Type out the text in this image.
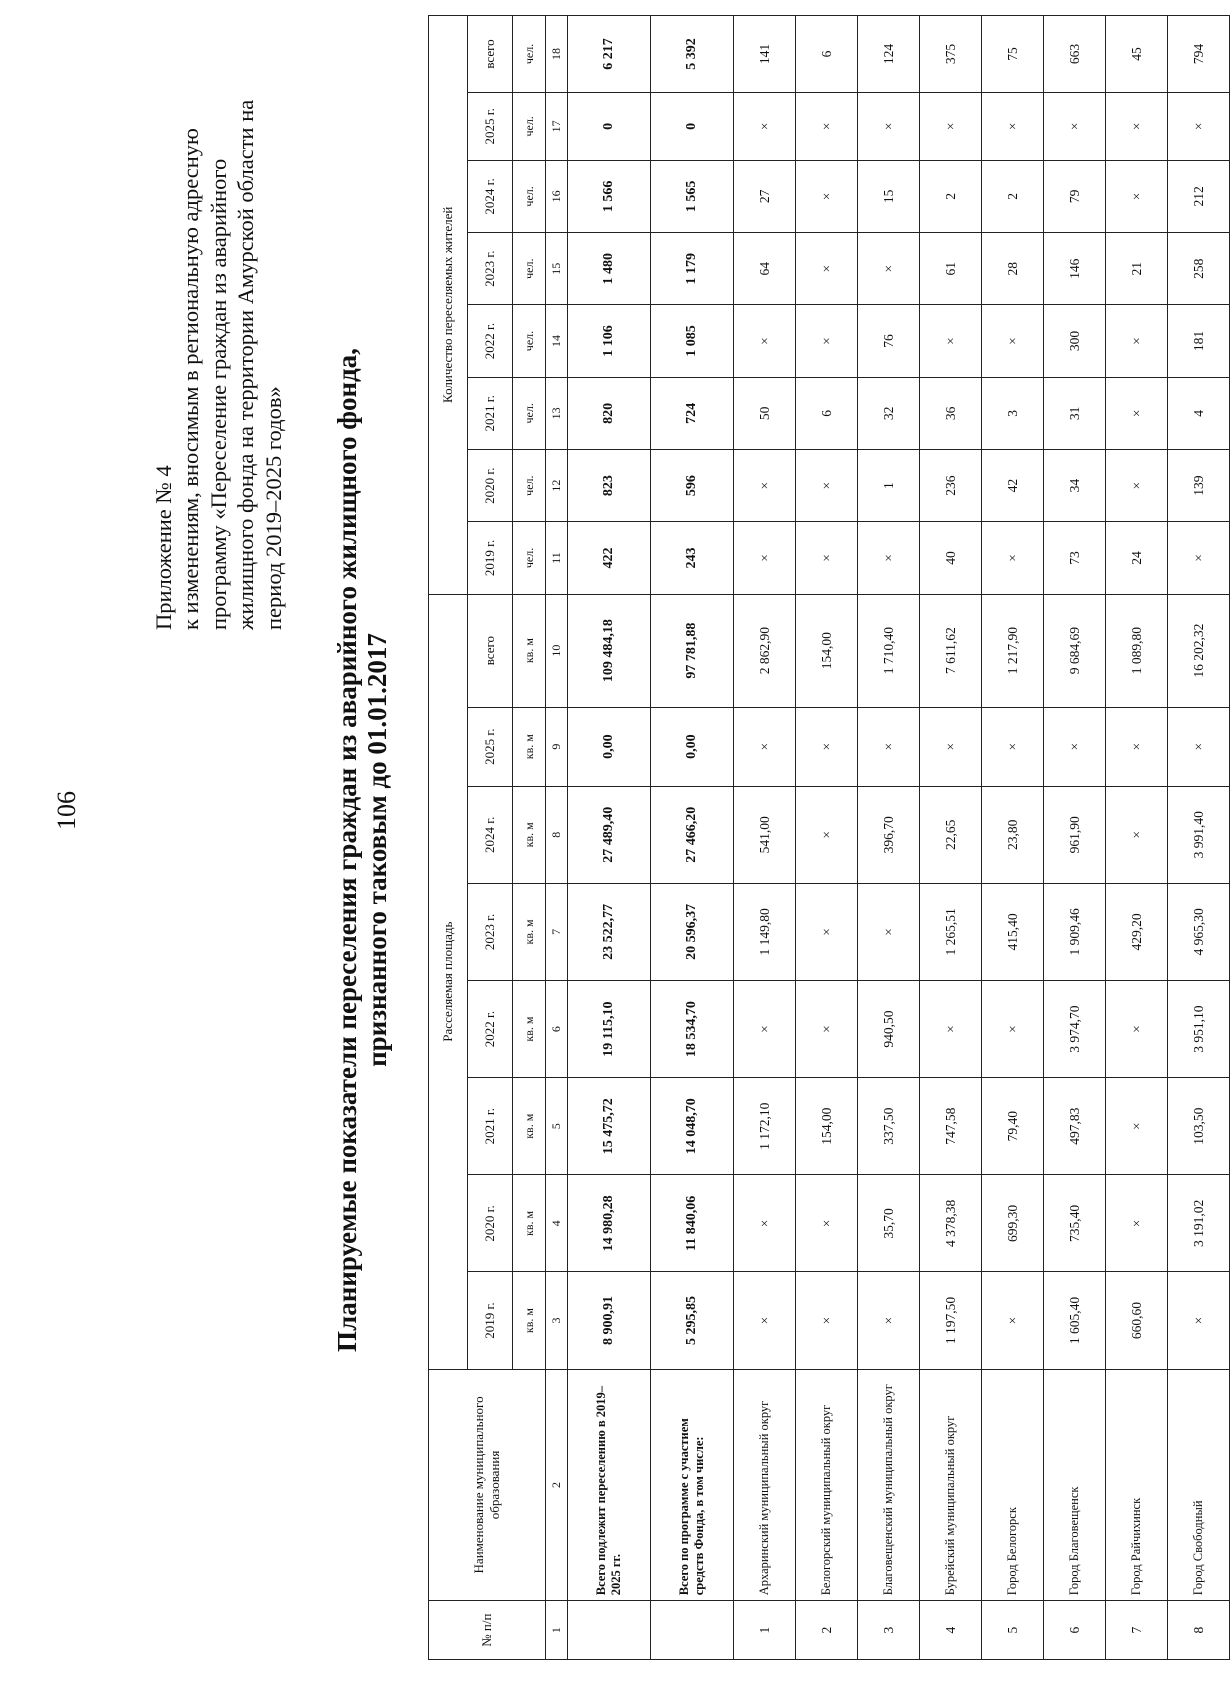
106
Приложение № 4 к изменениям, вносимым в региональную адресную программу «Переселение граждан из аварийного жилищного фонда на территории Амурской области на период 2019–2025 годов» Планируемые показатели переселения граждан из аварийного жилищного фонда, признанного таковым до 01.01.2017
№ п/п	Наименование муниципального образования	Расселяемая площадь								Количество переселяемых жителей							
		2019 г.	2020 г.	2021 г.	2022 г.	2023 г.	2024 г.	2025 г.	всего	2019 г.	2020 г.	2021 г.	2022 г.	2023 г.	2024 г.	2025 г.	всего
		кв. м	кв. м	кв. м	кв. м	кв. м	кв. м	кв. м	кв. м	чел.	чел.	чел.	чел.	чел.	чел.	чел.	чел.
1	2	3	4	5	6	7	8	9	10	11	12	13	14	15	16	17	18
	Всего подлежит переселению в 2019–2025 гг.	8 900,91	14 980,28	15 475,72	19 115,10	23 522,77	27 489,40	0,00	109 484,18	422	823	820	1 106	1 480	1 566	0	6 217
	Всего по программе с участием средств Фонда, в том числе:	5 295,85	11 840,06	14 048,70	18 534,70	20 596,37	27 466,20	0,00	97 781,88	243	596	724	1 085	1 179	1 565	0	5 392
1	Архаринский муниципальный округ	×	×	1 172,10	×	1 149,80	541,00	×	2 862,90	×	×	50	×	64	27	×	141
2	Белогорский муниципальный округ	×	×	154,00	×	×	×	×	154,00	×	×	6	×	×	×	×	6
3	Благовещенский муниципальный округ	×	35,70	337,50	940,50	×	396,70	×	1 710,40	×	1	32	76	×	15	×	124
4	Бурейский муниципальный округ	1 197,50	4 378,38	747,58	×	1 265,51	22,65	×	7 611,62	40	236	36	×	61	2	×	375
5	Город Белогорск	×	699,30	79,40	×	415,40	23,80	×	1 217,90	×	42	3	×	28	2	×	75
6	Город Благовещенск	1 605,40	735,40	497,83	3 974,70	1 909,46	961,90	×	9 684,69	73	34	31	300	146	79	×	663
7	Город Райчихинск	660,60	×	×	×	429,20	×	×	1 089,80	24	×	×	×	21	×	×	45
8	Город Свободный	×	3 191,02	103,50	3 951,10	4 965,30	3 991,40	×	16 202,32	×	139	4	181	258	212	×	794
